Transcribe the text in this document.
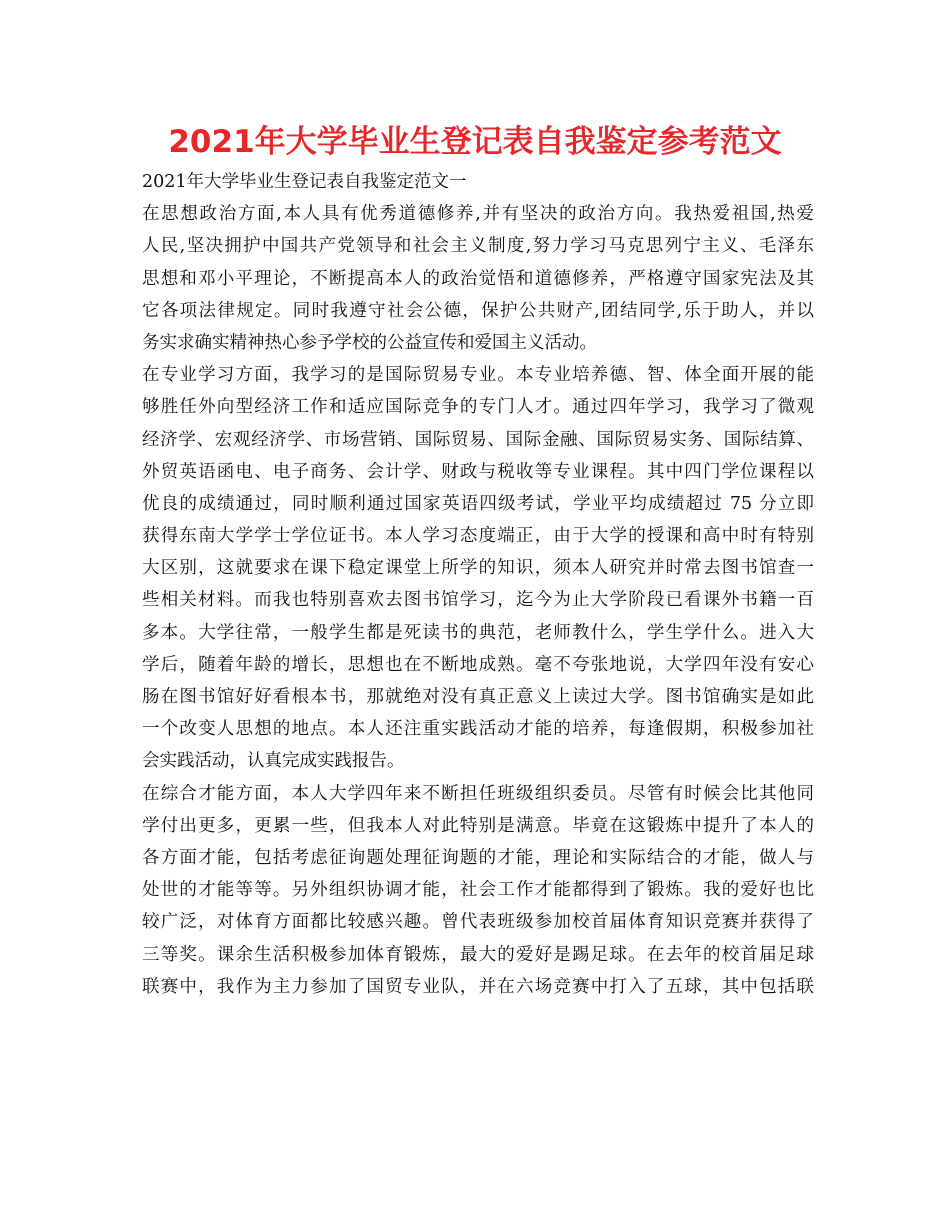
2021年大学毕业生登记表自我鉴定参考范文
2021年大学毕业生登记表自我鉴定范文一
在思想政治方面,本人具有优秀道德修养,并有坚决的政治方向。我热爱祖国,热爱
人民,坚决拥护中国共产党领导和社会主义制度,努力学习马克思列宁主义、毛泽东
思想和邓小平理论，不断提高本人的政治觉悟和道德修养，严格遵守国家宪法及其
它各项法律规定。同时我遵守社会公德，保护公共财产,团结同学,乐于助人，并以
务实求确实精神热心参予学校的公益宣传和爱国主义活动。
在专业学习方面，我学习的是国际贸易专业。本专业培养德、智、体全面开展的能
够胜任外向型经济工作和适应国际竞争的专门人才。通过四年学习，我学习了微观
经济学、宏观经济学、市场营销、国际贸易、国际金融、国际贸易实务、国际结算、
外贸英语函电、电子商务、会计学、财政与税收等专业课程。其中四门学位课程以
优良的成绩通过，同时顺利通过国家英语四级考试，学业平均成绩超过 75 分立即
获得东南大学学士学位证书。本人学习态度端正，由于大学的授课和高中时有特别
大区别，这就要求在课下稳定课堂上所学的知识，须本人研究并时常去图书馆查一
些相关材料。而我也特别喜欢去图书馆学习，迄今为止大学阶段已看课外书籍一百
多本。大学往常，一般学生都是死读书的典范，老师教什么，学生学什么。进入大
学后，随着年龄的增长，思想也在不断地成熟。毫不夸张地说，大学四年没有安心
肠在图书馆好好看根本书，那就绝对没有真正意义上读过大学。图书馆确实是如此
一个改变人思想的地点。本人还注重实践活动才能的培养，每逢假期，积极参加社
会实践活动，认真完成实践报告。
在综合才能方面，本人大学四年来不断担任班级组织委员。尽管有时候会比其他同
学付出更多，更累一些，但我本人对此特别是满意。毕竟在这锻炼中提升了本人的
各方面才能，包括考虑征询题处理征询题的才能，理论和实际结合的才能，做人与
处世的才能等等。另外组织协调才能，社会工作才能都得到了锻炼。我的爱好也比
较广泛，对体育方面都比较感兴趣。曾代表班级参加校首届体育知识竞赛并获得了
三等奖。课余生活积极参加体育锻炼，最大的爱好是踢足球。在去年的校首届足球
联赛中，我作为主力参加了国贸专业队，并在六场竞赛中打入了五球，其中包括联
